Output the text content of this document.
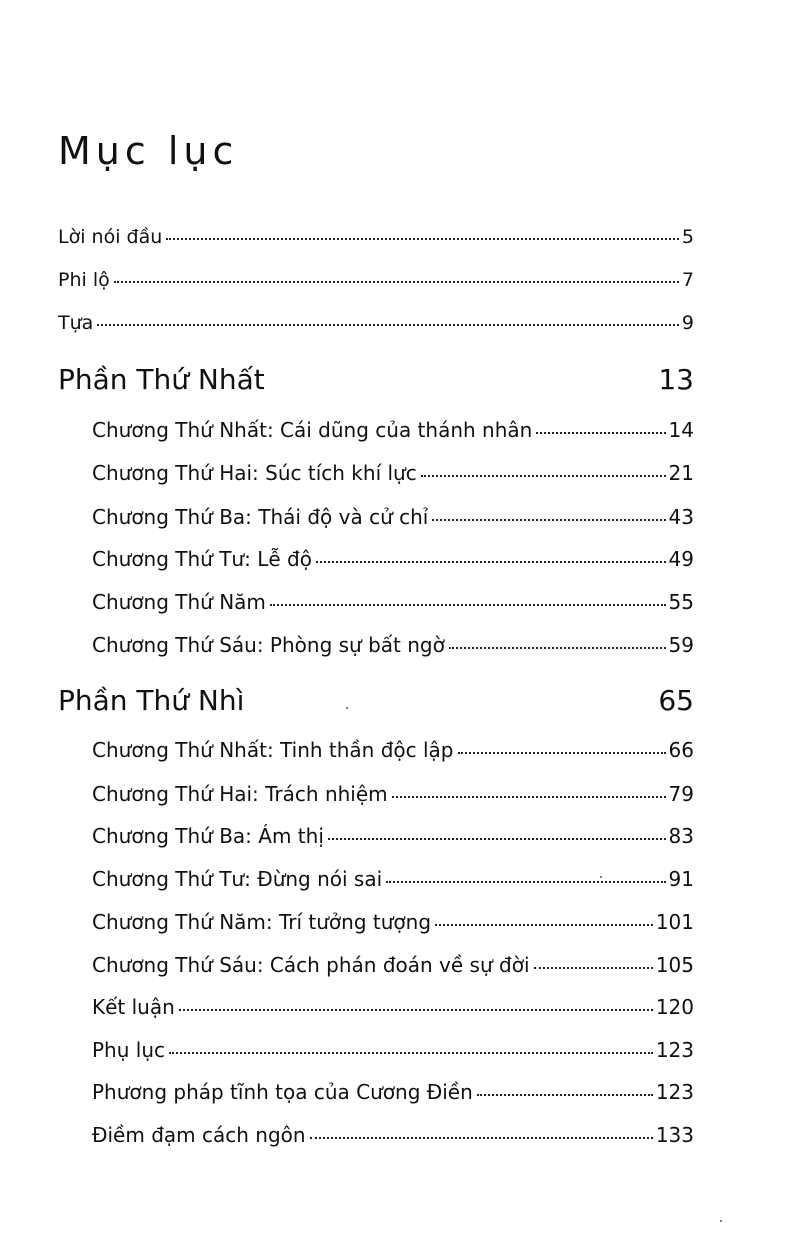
Mục lục
Lời nói đầu	5
Phi lộ	7
Tựa	9
Phần Thứ Nhất	13
Chương Thứ Nhất: Cái dũng của thánh nhân	14
Chương Thứ Hai: Súc tích khí lực	21
Chương Thứ Ba: Thái độ và cử chỉ	43
Chương Thứ Tư: Lễ độ	49
Chương Thứ Năm	55
Chương Thứ Sáu: Phòng sự bất ngờ	59
Phần Thứ Nhì	65
Chương Thứ Nhất: Tinh thần độc lập	66
Chương Thứ Hai: Trách nhiệm	79
Chương Thứ Ba: Ám thị	83
Chương Thứ Tư: Đừng nói sai	91
Chương Thứ Năm: Trí tưởng tượng	101
Chương Thứ Sáu: Cách phán đoán về sự đời	105
Kết luận	120
Phụ lục	123
Phương pháp tĩnh tọa của Cương Điền	123
Điềm đạm cách ngôn	133
